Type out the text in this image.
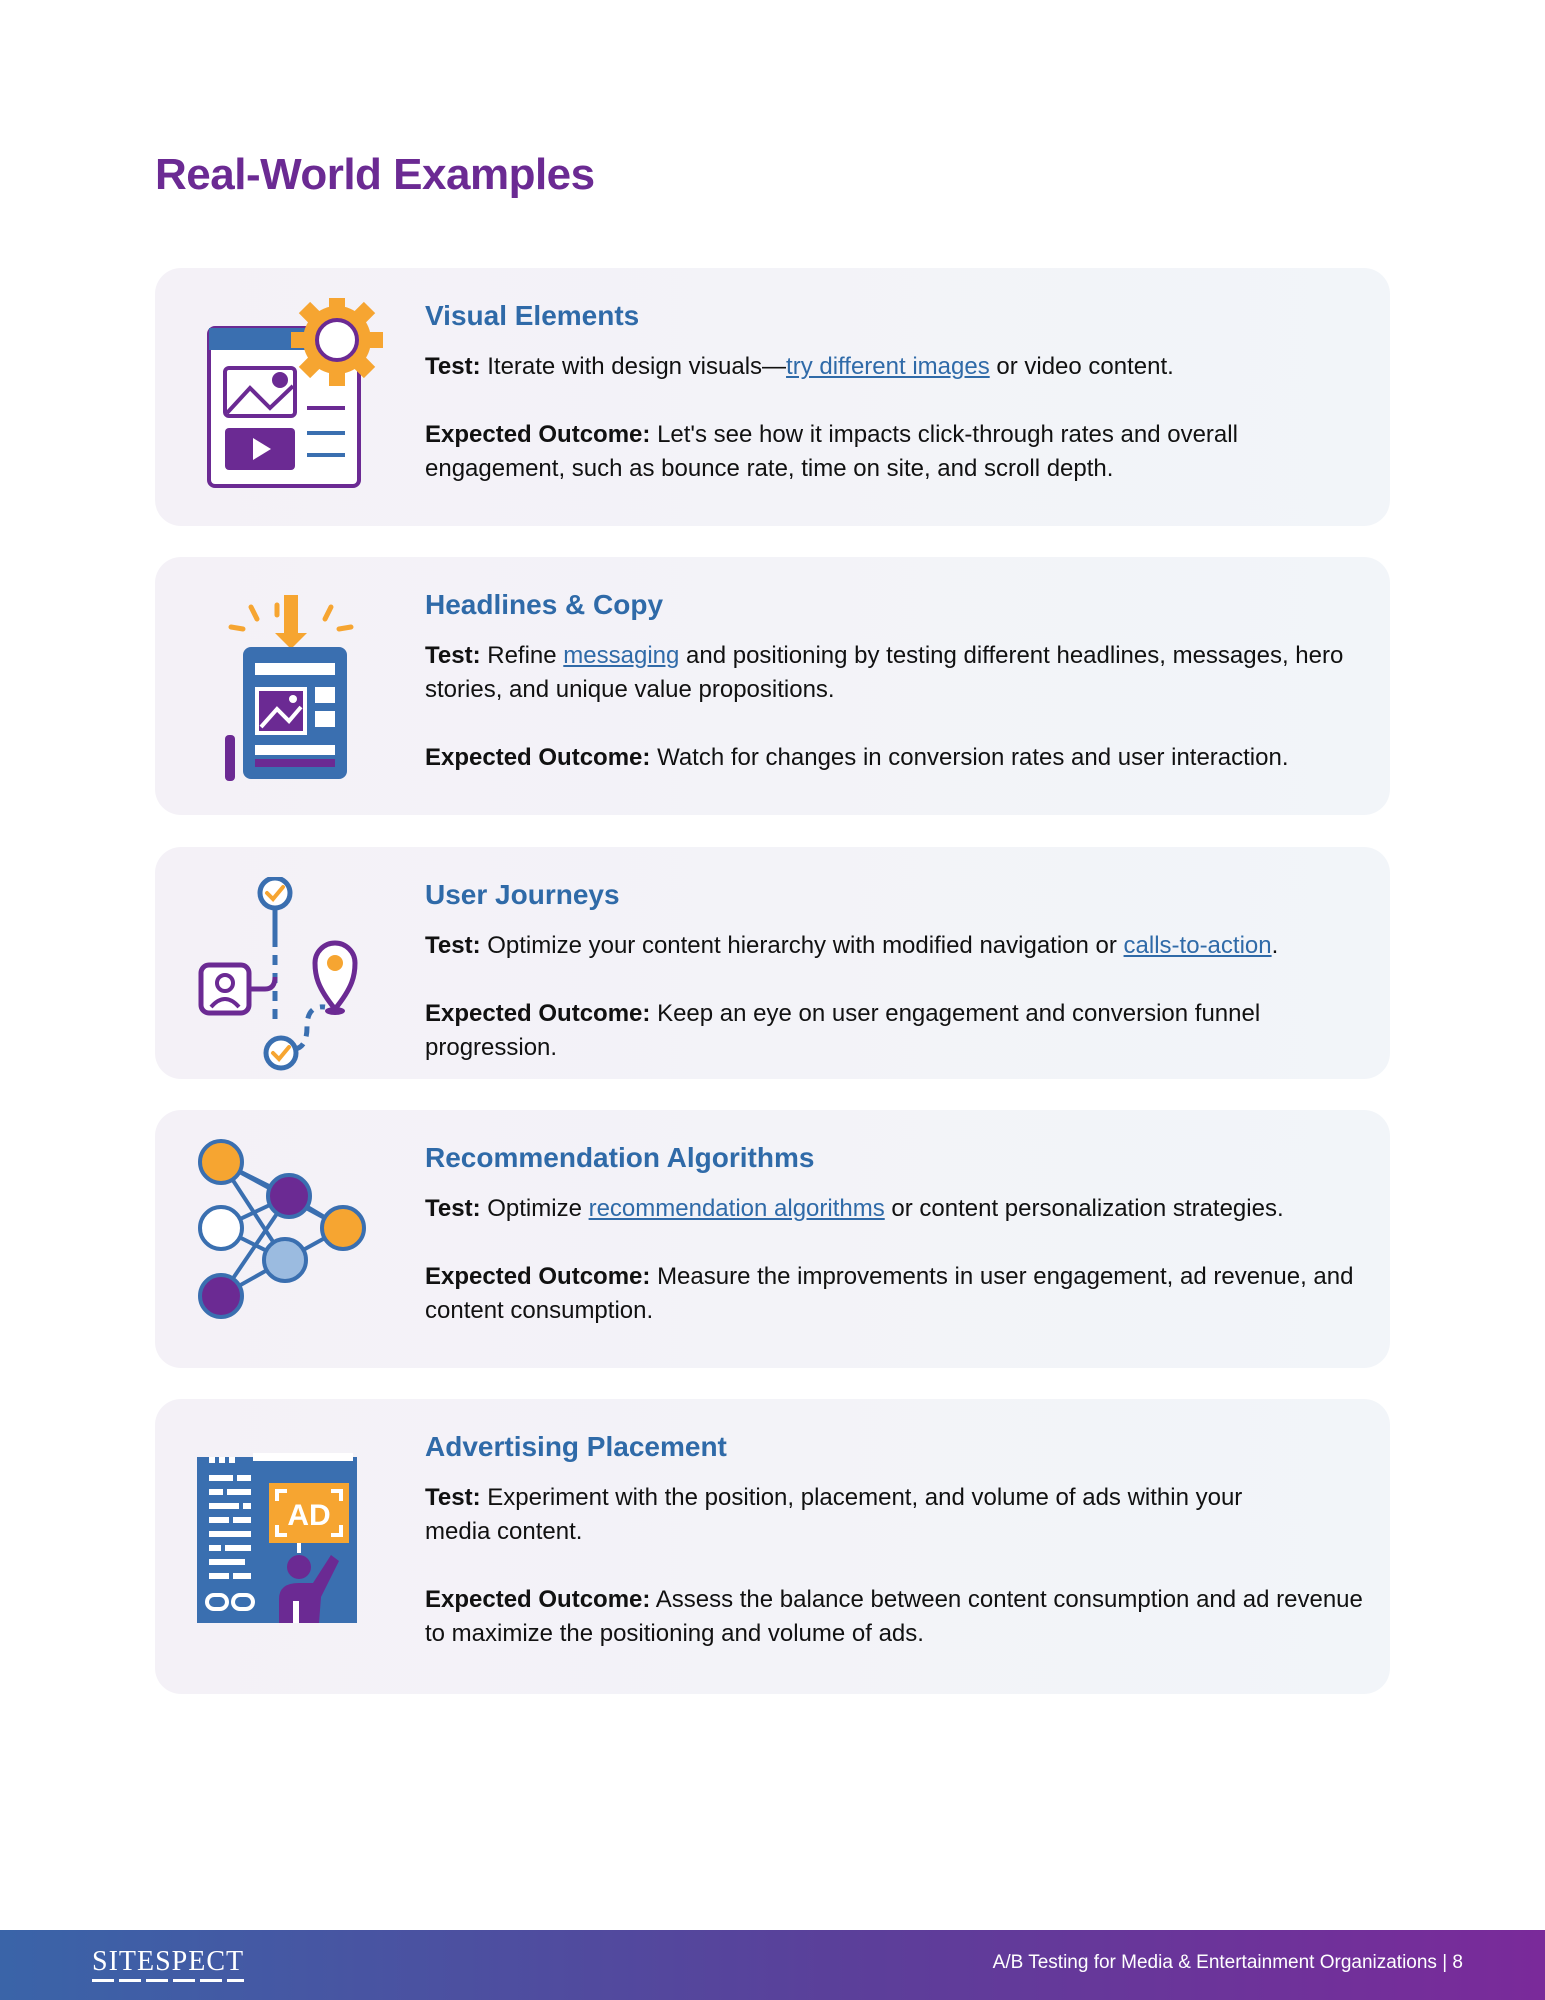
Real-World Examples
Visual Elements

Test: Iterate with design visuals—try different images or video content.

Expected Outcome: Let's see how it impacts click-through rates and overall engagement, such as bounce rate, time on site, and scroll depth.

Headlines & Copy

Test: Refine messaging and positioning by testing different headlines, messages, hero stories, and unique value propositions.

Expected Outcome: Watch for changes in conversion rates and user interaction.

User Journeys

Test: Optimize your content hierarchy with modified navigation or calls-to-action.

Expected Outcome: Keep an eye on user engagement and conversion funnel progression.

Recommendation Algorithms

Test: Optimize recommendation algorithms or content personalization strategies.

Expected Outcome: Measure the improvements in user engagement, ad revenue, and content consumption.

AD
Advertising Placement

Test: Experiment with the position, placement, and volume of ads within your media content.

Expected Outcome: Assess the balance between content consumption and ad revenue to maximize the positioning and volume of ads.

SITESPECT	A/B Testing for Media & Entertainment Organizations | 8
